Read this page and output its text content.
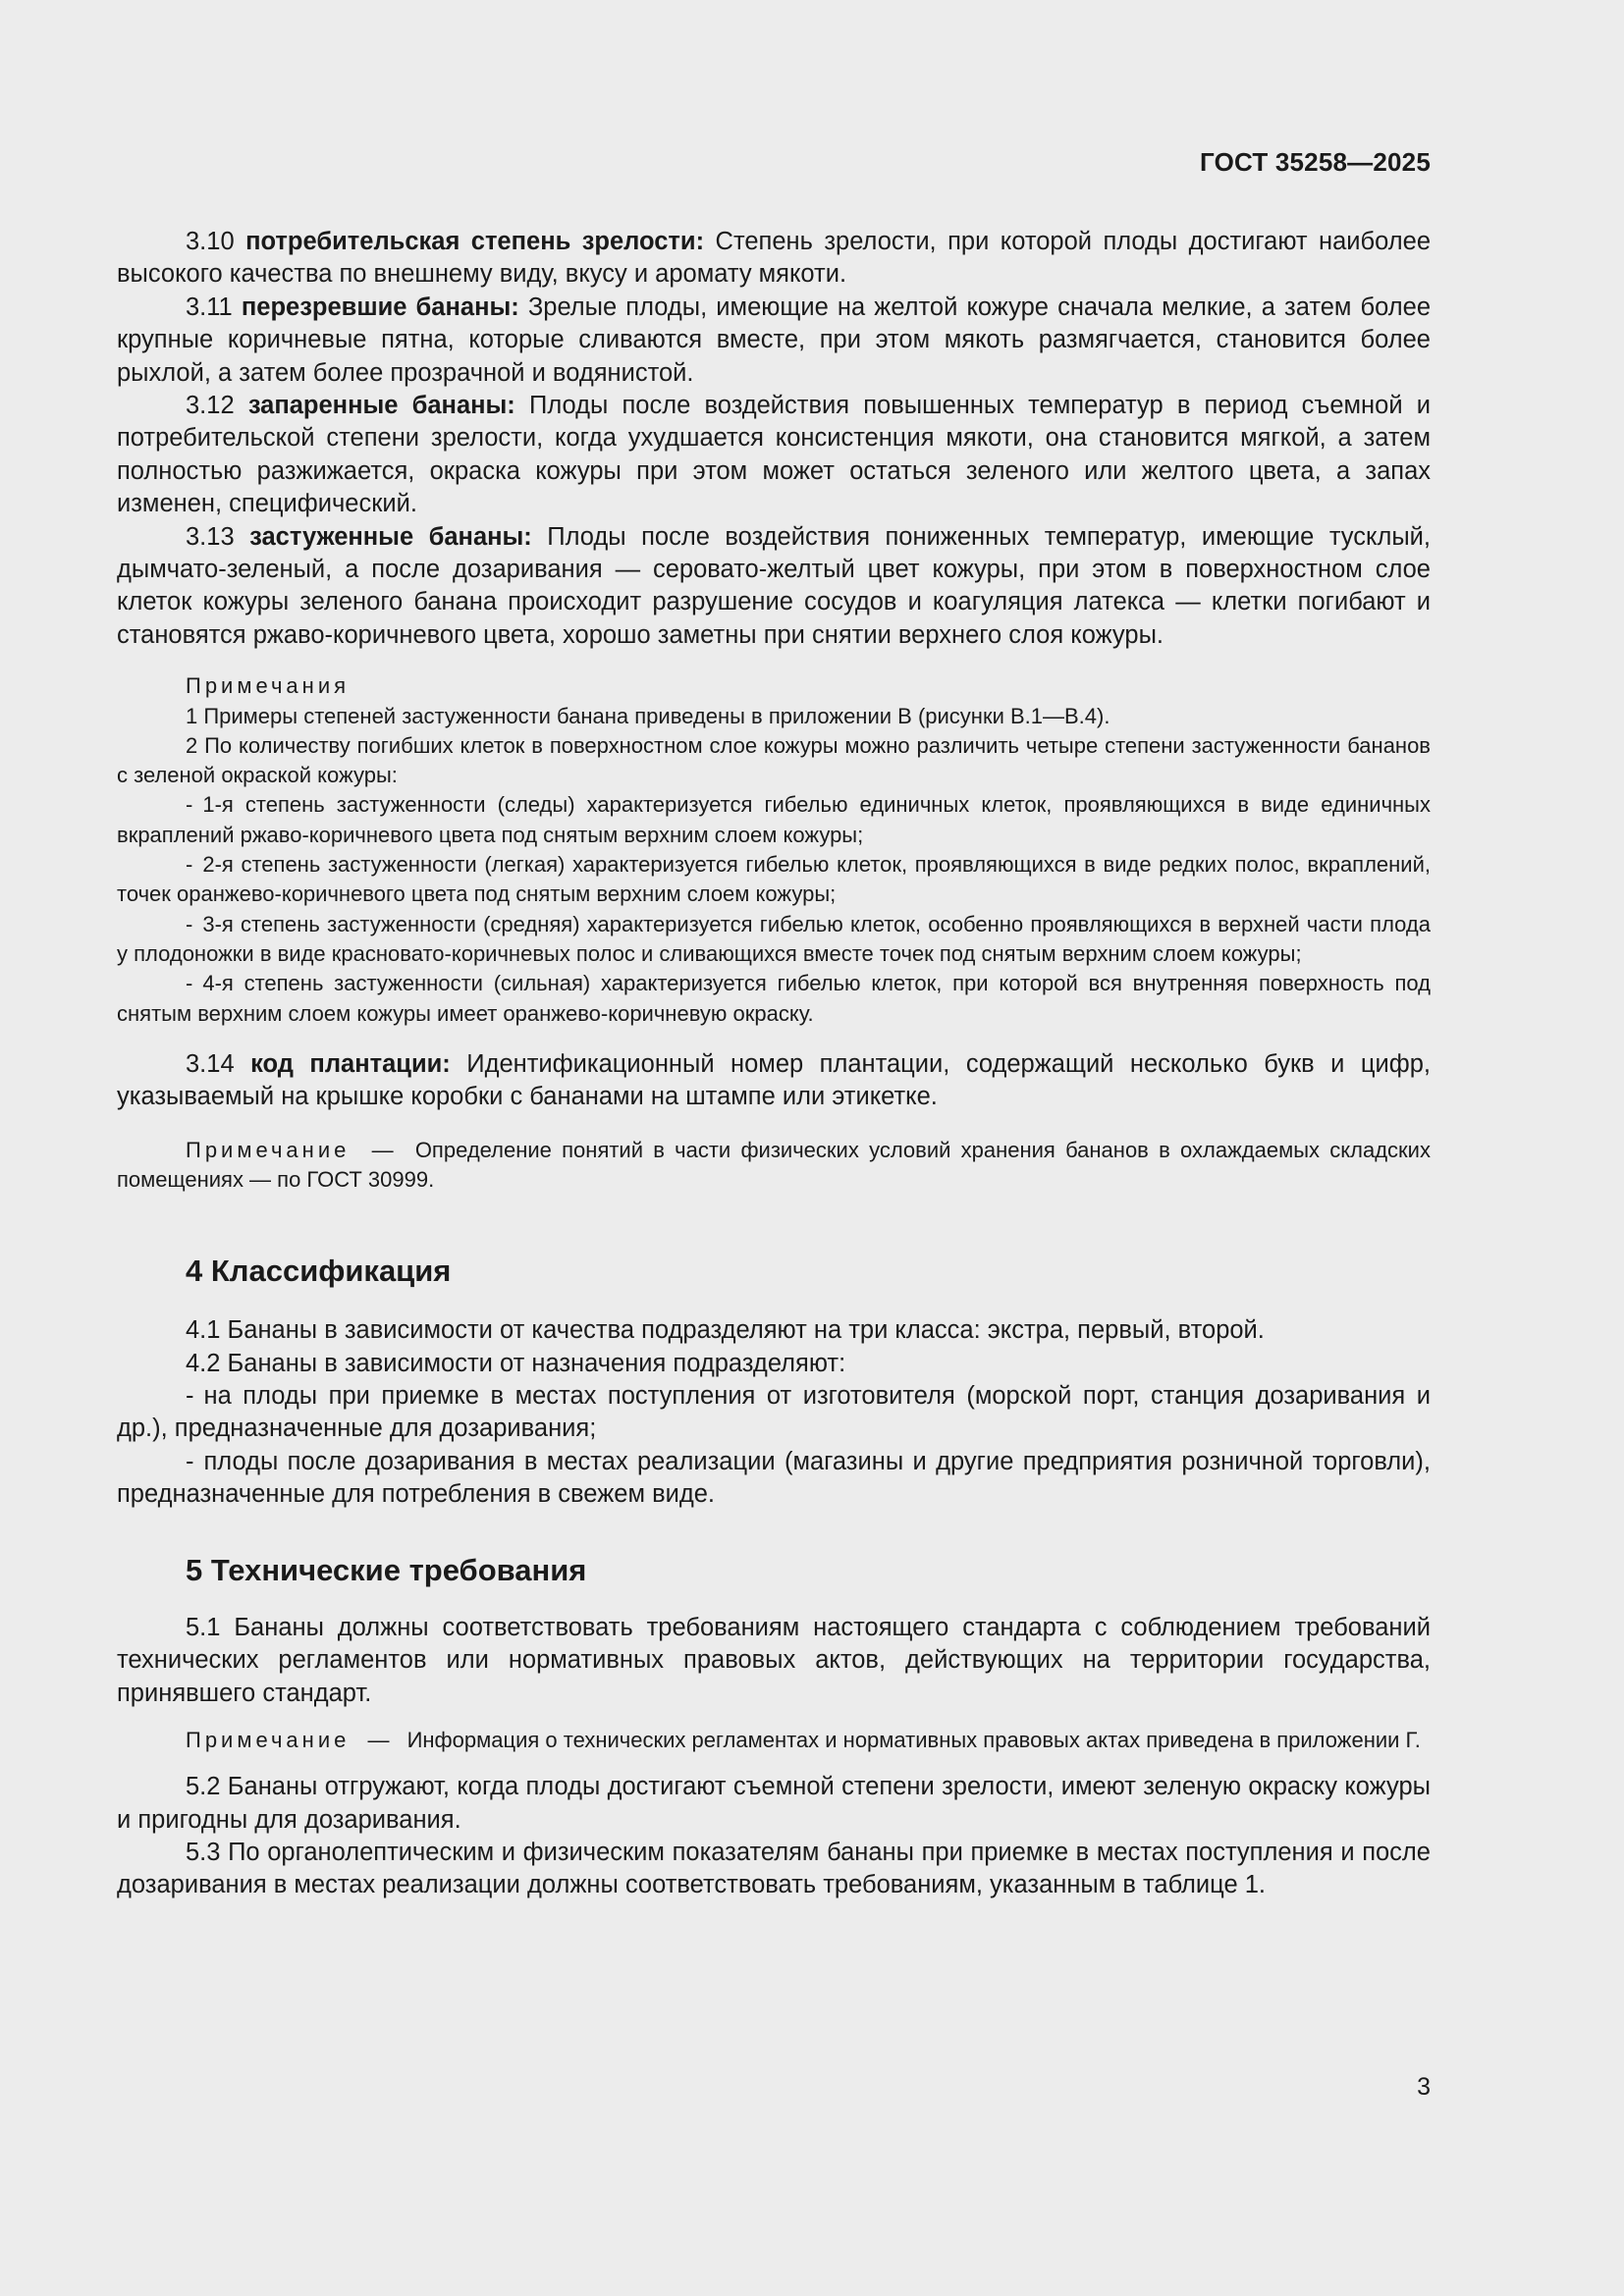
ГОСТ 35258—2025

3.10 потребительская степень зрелости: Степень зрелости, при которой плоды достигают наиболее высокого качества по внешнему виду, вкусу и аромату мякоти.

3.11 перезревшие бананы: Зрелые плоды, имеющие на желтой кожуре сначала мелкие, а затем более крупные коричневые пятна, которые сливаются вместе, при этом мякоть размягчается, становится более рыхлой, а затем более прозрачной и водянистой.

3.12 запаренные бананы: Плоды после воздействия повышенных температур в период съемной и потребительской степени зрелости, когда ухудшается консистенция мякоти, она становится мягкой, а затем полностью разжижается, окраска кожуры при этом может остаться зеленого или желтого цвета, а запах изменен, специфический.

3.13 застуженные бананы: Плоды после воздействия пониженных температур, имеющие тусклый, дымчато-зеленый, а после дозаривания — серовато-желтый цвет кожуры, при этом в поверхностном слое клеток кожуры зеленого банана происходит разрушение сосудов и коагуляция латекса — клетки погибают и становятся ржаво-коричневого цвета, хорошо заметны при снятии верхнего слоя кожуры.

Примечания

1 Примеры степеней застуженности банана приведены в приложении В (рисунки В.1—В.4).

2 По количеству погибших клеток в поверхностном слое кожуры можно различить четыре степени застуженности бананов с зеленой окраской кожуры:

- 1-я степень застуженности (следы) характеризуется гибелью единичных клеток, проявляющихся в виде единичных вкраплений ржаво-коричневого цвета под снятым верхним слоем кожуры;

- 2-я степень застуженности (легкая) характеризуется гибелью клеток, проявляющихся в виде редких полос, вкраплений, точек оранжево-коричневого цвета под снятым верхним слоем кожуры;

- 3-я степень застуженности (средняя) характеризуется гибелью клеток, особенно проявляющихся в верхней части плода у плодоножки в виде красновато-коричневых полос и сливающихся вместе точек под снятым верхним слоем кожуры;

- 4-я степень застуженности (сильная) характеризуется гибелью клеток, при которой вся внутренняя поверхность под снятым верхним слоем кожуры имеет оранжево-коричневую окраску.

3.14 код плантации: Идентификационный номер плантации, содержащий несколько букв и цифр, указываемый на крышке коробки с бананами на штампе или этикетке.

Примечание — Определение понятий в части физических условий хранения бананов в охлаждаемых складских помещениях — по ГОСТ 30999.

4 Классификация

4.1 Бананы в зависимости от качества подразделяют на три класса: экстра, первый, второй.

4.2 Бананы в зависимости от назначения подразделяют:

- на плоды при приемке в местах поступления от изготовителя (морской порт, станция дозаривания и др.), предназначенные для дозаривания;

- плоды после дозаривания в местах реализации (магазины и другие предприятия розничной торговли), предназначенные для потребления в свежем виде.

5 Технические требования

5.1 Бананы должны соответствовать требованиям настоящего стандарта с соблюдением требований технических регламентов или нормативных правовых актов, действующих на территории государства, принявшего стандарт.

Примечание — Информация о технических регламентах и нормативных правовых актах приведена в приложении Г.

5.2 Бананы отгружают, когда плоды достигают съемной степени зрелости, имеют зеленую окраску кожуры и пригодны для дозаривания.

5.3 По органолептическим и физическим показателям бананы при приемке в местах поступления и после дозаривания в местах реализации должны соответствовать требованиям, указанным в таблице 1.

3
